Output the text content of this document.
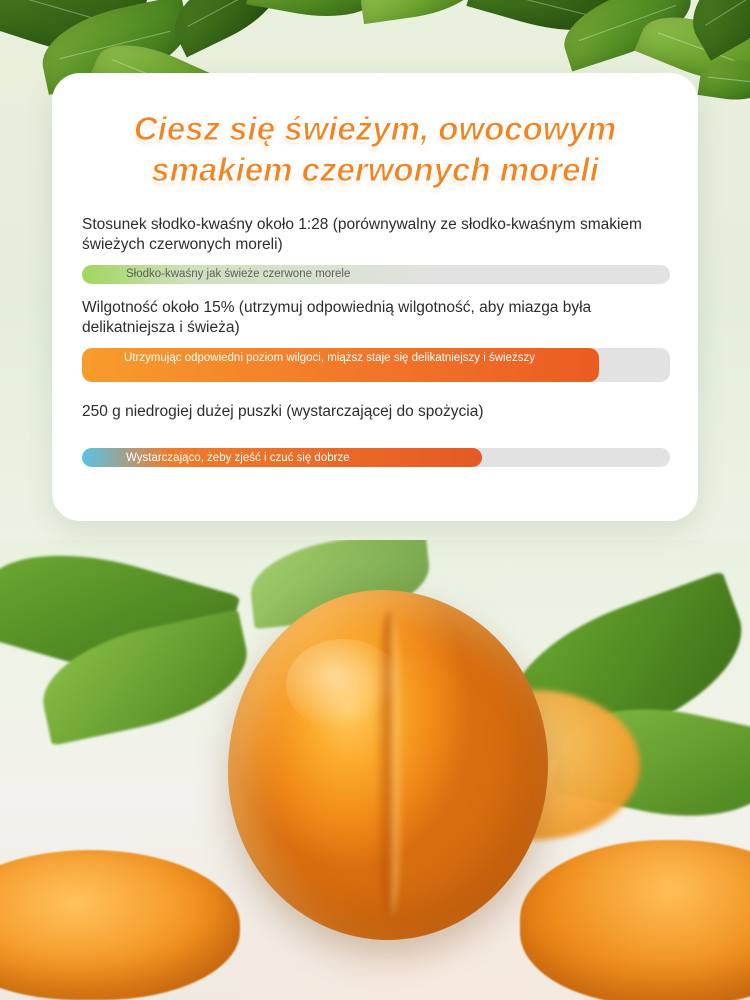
Ciesz się świeżym, owocowym
smakiem czerwonych moreli

Stosunek słodko-kwaśny około 1:28 (porównywalny ze słodko-kwaśnym smakiem świeżych czerwonych moreli)

Słodko-kwaśny jak świeże czerwone morele

Wilgotność około 15% (utrzymuj odpowiednią wilgotność, aby miazga była delikatniejsza i świeża)

Utrzymując odpowiedni poziom wilgoci, miąższ staje się delikatniejszy i świeższy

250 g niedrogiej dużej puszki (wystarczającej do spożycia)

Wystarczająco, żeby zjeść i czuć się dobrze
